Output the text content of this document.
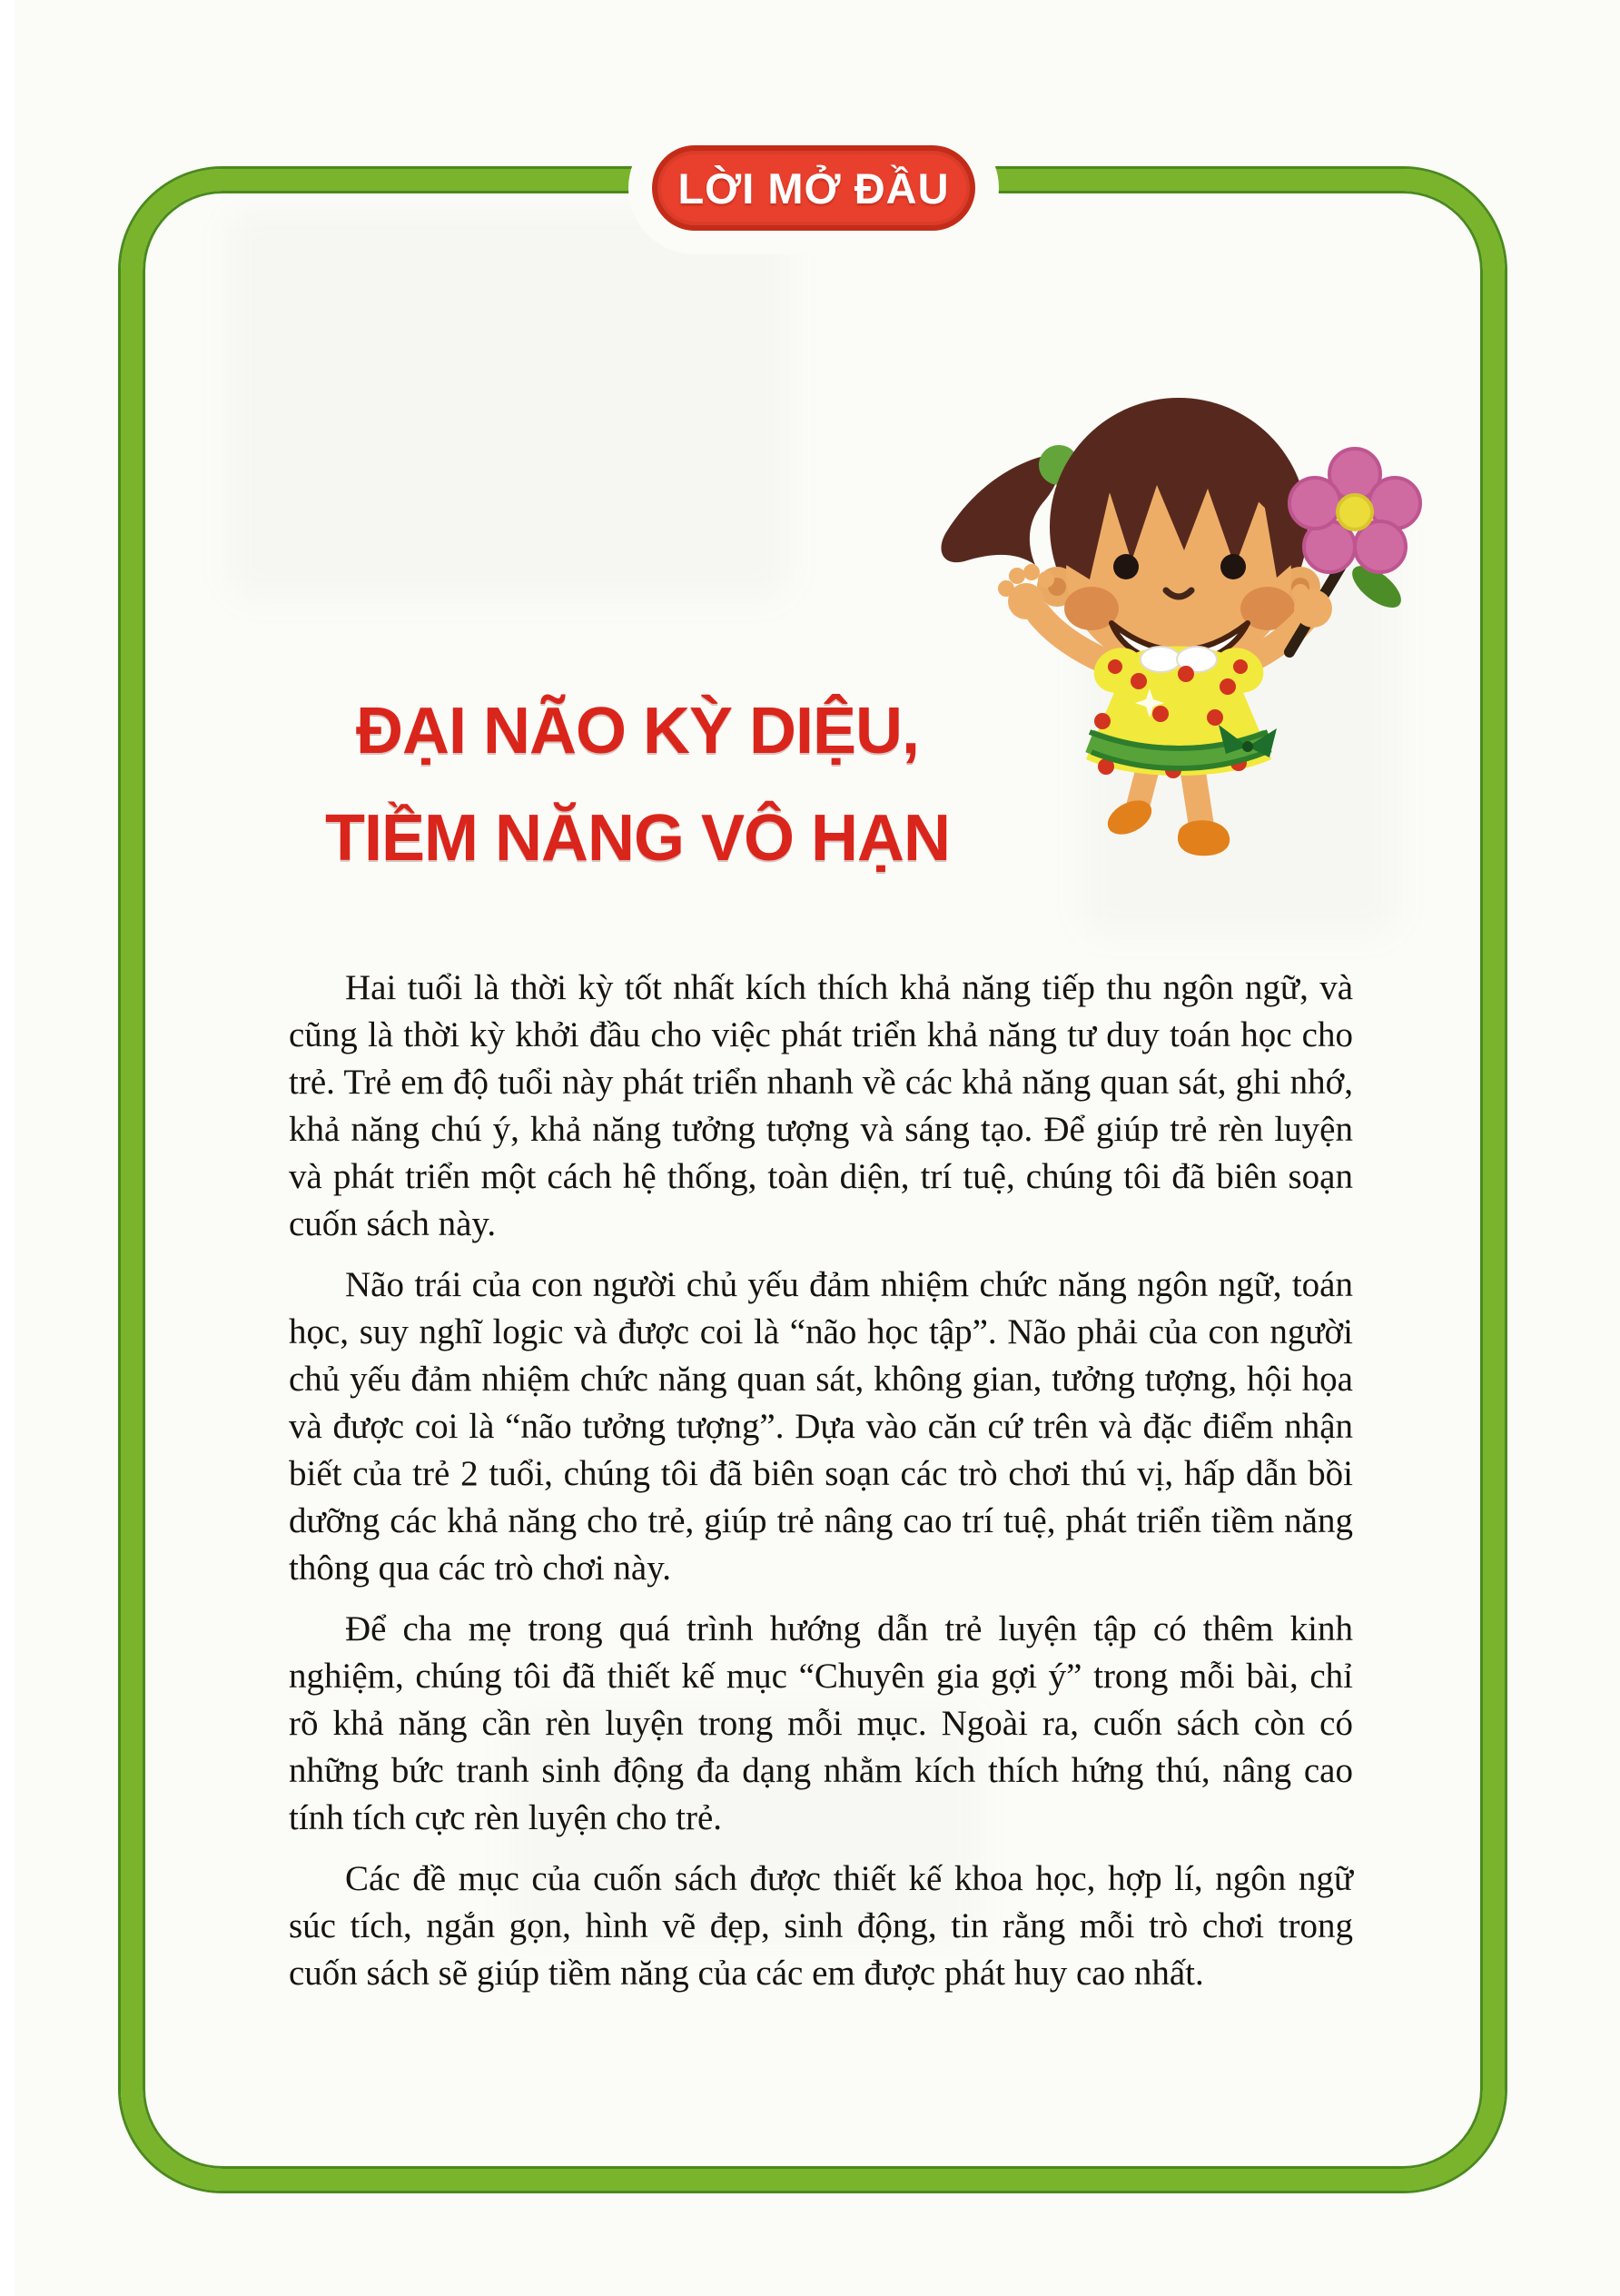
LỜI MỞ ĐẦU
ĐẠI NÃO KỲ DIỆU,
TIỀM NĂNG VÔ HẠN

Hai tuổi là thời kỳ tốt nhất kích thích khả năng tiếp thu ngôn ngữ, và cũng là thời kỳ khởi đầu cho việc phát triển khả năng tư duy toán học cho trẻ. Trẻ em độ tuổi này phát triển nhanh về các khả năng quan sát, ghi nhớ, khả năng chú ý, khả năng tưởng tượng và sáng tạo. Để giúp trẻ rèn luyện và phát triển một cách hệ thống, toàn diện, trí tuệ, chúng tôi đã biên soạn cuốn sách này.

Não trái của con người chủ yếu đảm nhiệm chức năng ngôn ngữ, toán học, suy nghĩ logic và được coi là “não học tập”. Não phải của con người chủ yếu đảm nhiệm chức năng quan sát, không gian, tưởng tượng, hội họa và được coi là “não tưởng tượng”. Dựa vào căn cứ trên và đặc điểm nhận biết của trẻ 2 tuổi, chúng tôi đã biên soạn các trò chơi thú vị, hấp dẫn bồi dưỡng các khả năng cho trẻ, giúp trẻ nâng cao trí tuệ, phát triển tiềm năng thông qua các trò chơi này.

Để cha mẹ trong quá trình hướng dẫn trẻ luyện tập có thêm kinh nghiệm, chúng tôi đã thiết kế mục “Chuyên gia gợi ý” trong mỗi bài, chỉ rõ khả năng cần rèn luyện trong mỗi mục. Ngoài ra, cuốn sách còn có những bức tranh sinh động đa dạng nhằm kích thích hứng thú, nâng cao tính tích cực rèn luyện cho trẻ.

Các đề mục của cuốn sách được thiết kế khoa học, hợp lí, ngôn ngữ súc tích, ngắn gọn, hình vẽ đẹp, sinh động, tin rằng mỗi trò chơi trong cuốn sách sẽ giúp tiềm năng của các em được phát huy cao nhất.
